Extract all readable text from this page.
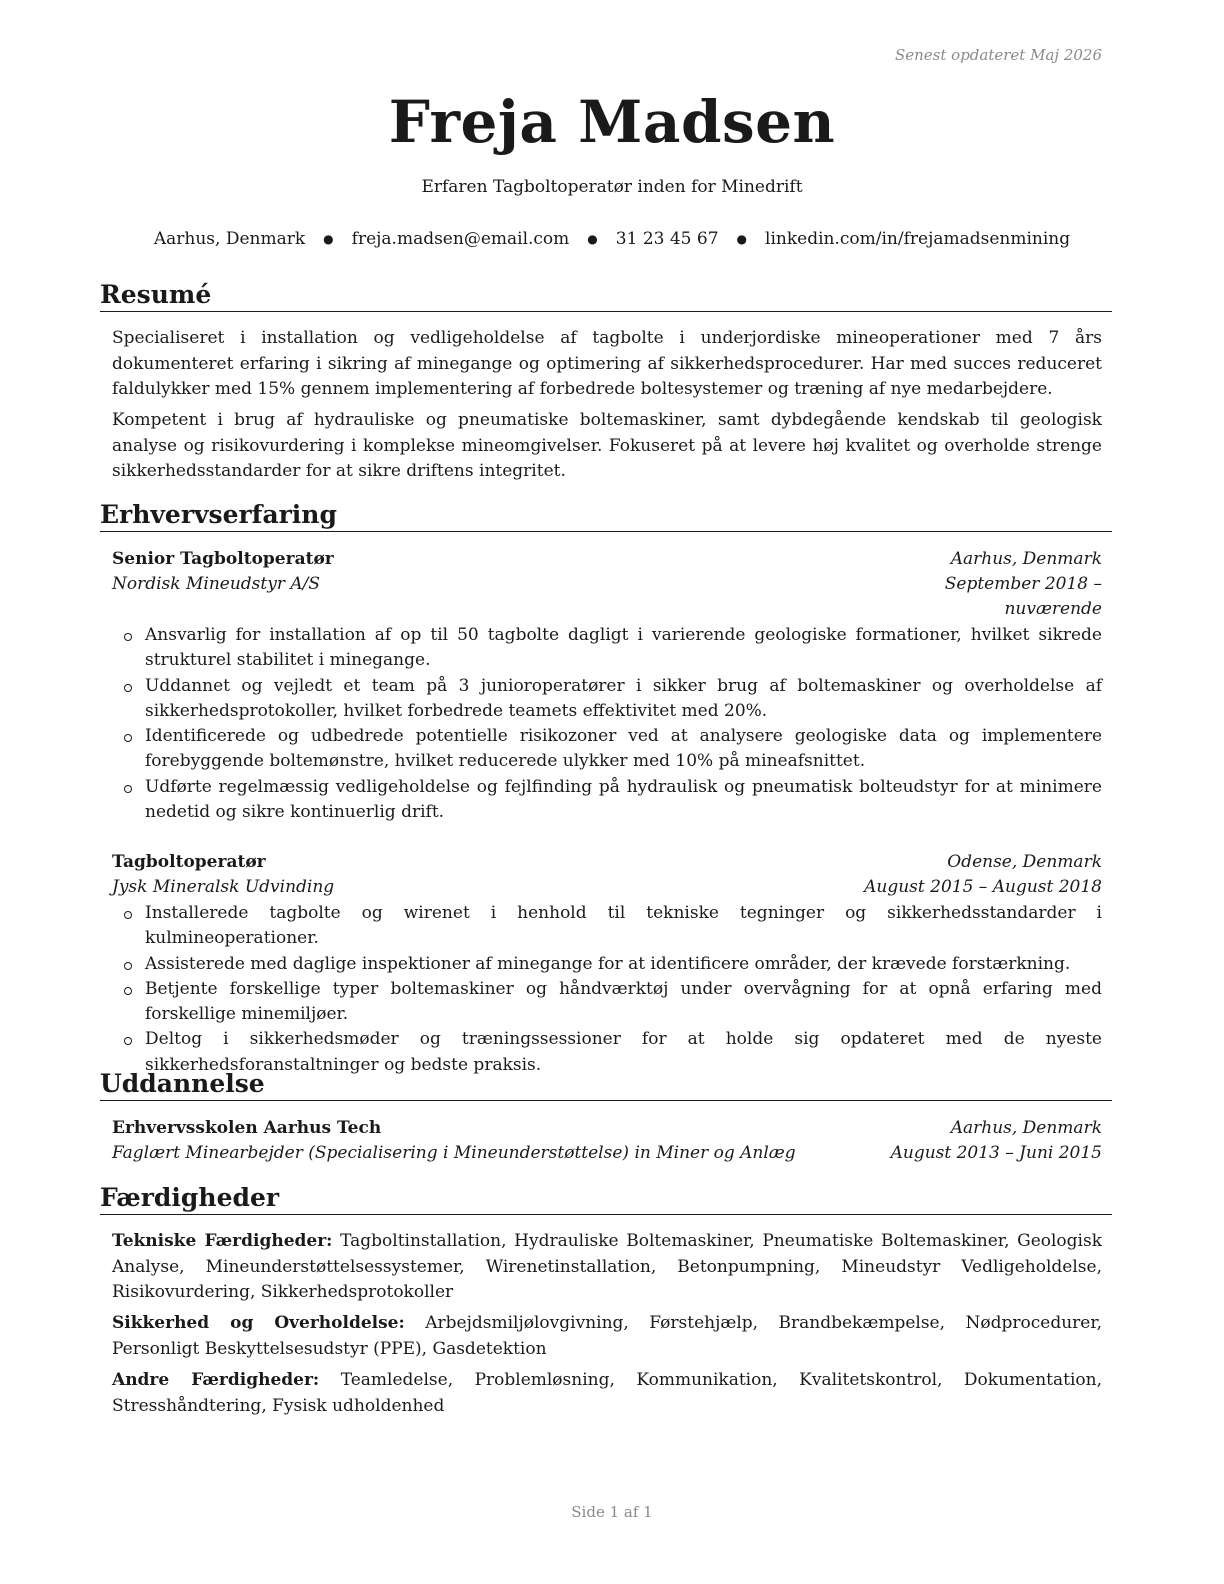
Senest opdateret Maj 2026
Freja Madsen
Erfaren Tagboltoperatør inden for Minedrift
Aarhus, Denmark ● freja.madsen@email.com ● 31 23 45 67 ● linkedin.com/in/frejamadsenmining
Resumé

Specialiseret i installation og vedligeholdelse af tagbolte i underjordiske mineoperationer med 7 års dokumenteret erfaring i sikring af minegange og optimering af sikkerhedsprocedurer. Har med succes reduceret faldulykker med 15% gennem implementering af forbedrede boltesystemer og træning af nye medarbejdere.

Kompetent i brug af hydrauliske og pneumatiske boltemaskiner, samt dybdegående kendskab til geologisk analyse og risikovurdering i komplekse mineomgivelser. Fokuseret på at levere høj kvalitet og overholde strenge sikkerhedsstandarder for at sikre driftens integritet.

Erhvervserfaring
Senior Tagboltoperatør	Aarhus, Denmark
Nordisk Mineudstyr A/S	September 2018 – nuværende
Ansvarlig for installation af op til 50 tagbolte dagligt i varierende geologiske formationer, hvilket sikrede strukturel stabilitet i minegange.
Uddannet og vejledt et team på 3 junioroperatører i sikker brug af boltemaskiner og overholdelse af sikkerhedsprotokoller, hvilket forbedrede teamets effektivitet med 20%.
Identificerede og udbedrede potentielle risikozoner ved at analysere geologiske data og implementere forebyggende boltemønstre, hvilket reducerede ulykker med 10% på mineafsnittet.
Udførte regelmæssig vedligeholdelse og fejlfinding på hydraulisk og pneumatisk bolteudstyr for at minimere nedetid og sikre kontinuerlig drift.
Tagboltoperatør	Odense, Denmark
Jysk Mineralsk Udvinding	August 2015 – August 2018
Installerede tagbolte og wirenet i henhold til tekniske tegninger og sikkerhedsstandarder i kulmineoperationer.
Assisterede med daglige inspektioner af minegange for at identificere områder, der krævede forstærkning.
Betjente forskellige typer boltemaskiner og håndværktøj under overvågning for at opnå erfaring med forskellige minemiljøer.
Deltog i sikkerhedsmøder og træningssessioner for at holde sig opdateret med de nyeste sikkerhedsforanstaltninger og bedste praksis.
Uddannelse
Erhvervsskolen Aarhus Tech	Aarhus, Denmark
Faglært Minearbejder (Specialisering i Mineunderstøttelse) in Miner og Anlæg	August 2013 – Juni 2015
Færdigheder

Tekniske Færdigheder: Tagboltinstallation, Hydrauliske Boltemaskiner, Pneumatiske Boltemaskiner, Geologisk Analyse, Mineunderstøttelsessystemer, Wirenetinstallation, Betonpumpning, Mineudstyr Vedligeholdelse, Risikovurdering, Sikkerhedsprotokoller

Sikkerhed og Overholdelse: Arbejdsmiljølovgivning, Førstehjælp, Brandbekæmpelse, Nødprocedurer, Personligt Beskyttelsesudstyr (PPE), Gasdetektion

Andre Færdigheder: Teamledelse, Problemløsning, Kommunikation, Kvalitetskontrol, Dokumentation, Stresshåndtering, Fysisk udholdenhed

Side 1 af 1
